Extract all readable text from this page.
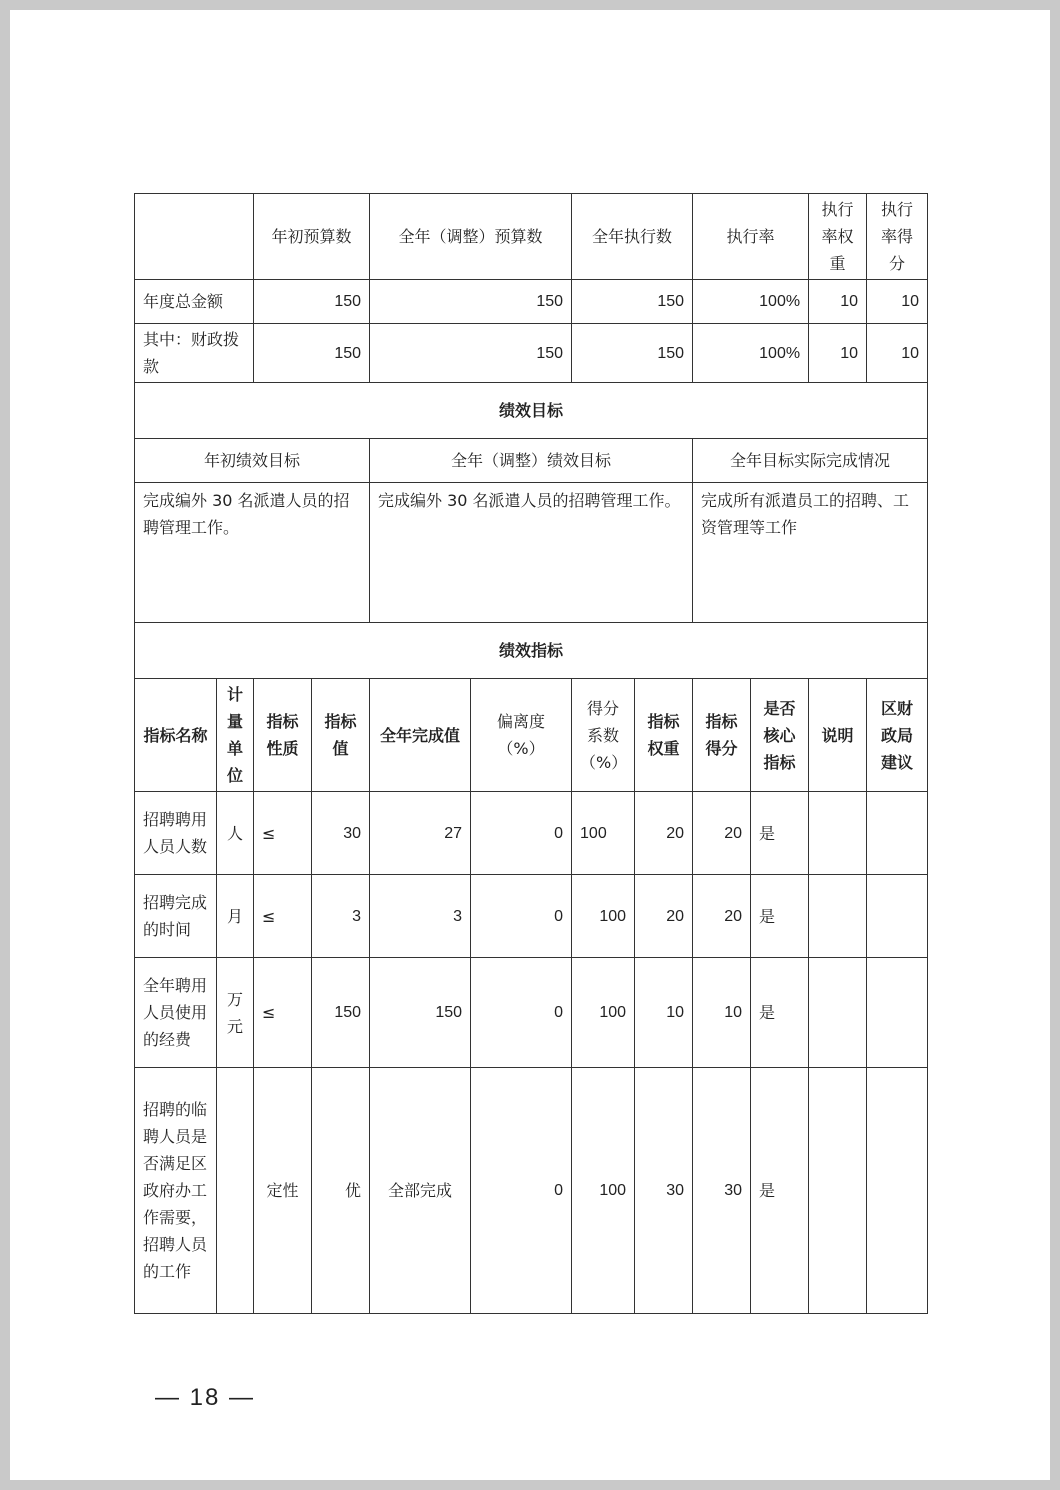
		年初预算数		全年（调整）预算数		全年执行数		执行率		执行率权重	执行率得分
年度总金额		150		150		150		100%		10	10
其中：财政拨款		150		150		150		100%		10	10
绩效目标											
年初绩效目标				全年（调整）绩效目标				全年目标实际完成情况			
完成编外 30 名派遣人员的招聘管理工作。				完成编外 30 名派遣人员的招聘管理工作。				完成所有派遣员工的招聘、工资管理等工作			
绩效指标											
指标名称	计量单位	指标性质	指标值	全年完成值	偏离度（%）	得分系数（%）	指标权重	指标得分	是否核心指标	说明	区财政局建议
招聘聘用人员人数	人	≤	30	27	0	100	20	20	是		
招聘完成的时间	月	≤	3	3	0	100	20	20	是		
全年聘用人员使用的经费	万元	≤	150	150	0	100	10	10	是		
招聘的临聘人员是否满足区政府办工作需要，招聘人员的工作		定性	优	全部完成	0	100	30	30	是		
— 18 —
